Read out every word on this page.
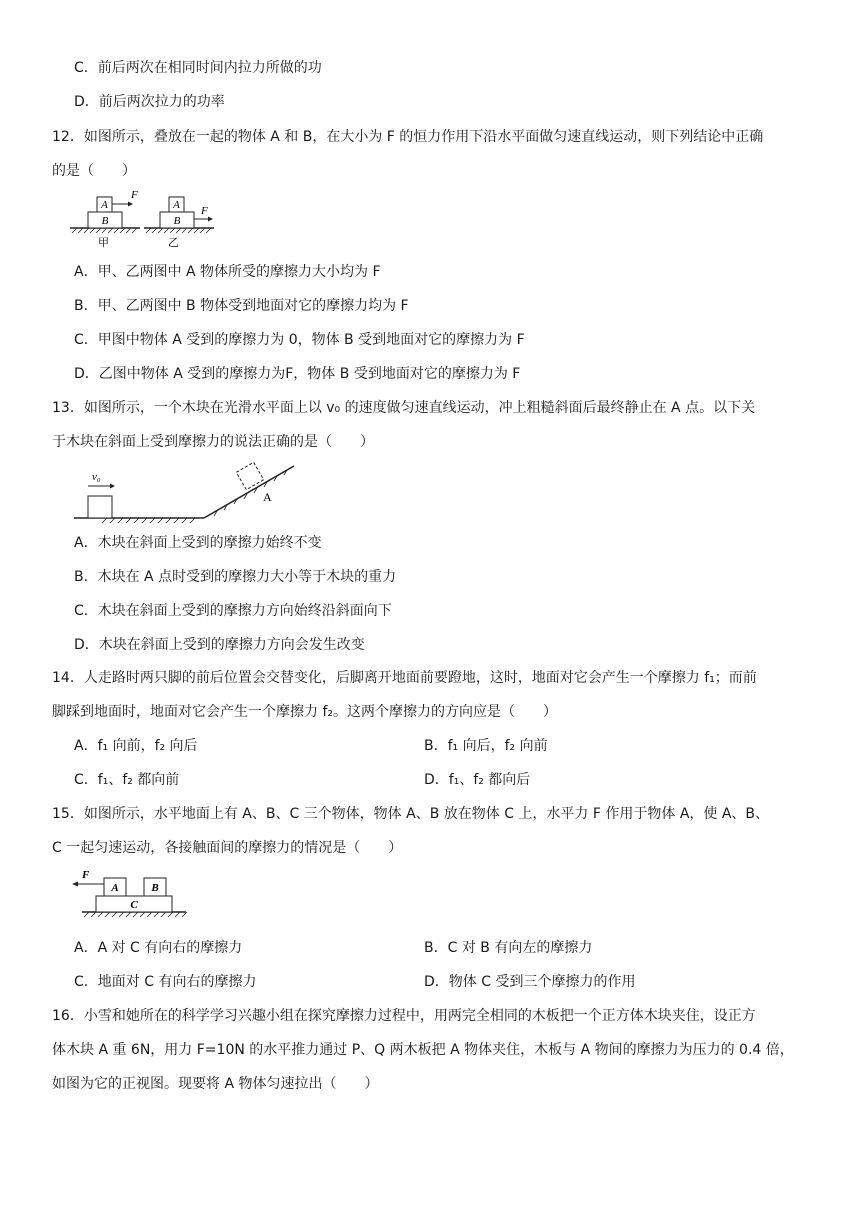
C．前后两次在相同时间内拉力所做的功
D．前后两次拉力的功率
12．如图所示，叠放在一起的物体 A 和 B，在大小为 F 的恒力作用下沿水平面做匀速直线运动，则下列结论中正确
的是（　　）
A
B
F
甲
A
B
F
乙
A．甲、乙两图中 A 物体所受的摩擦力大小均为 F
B．甲、乙两图中 B 物体受到地面对它的摩擦力均为 F
C．甲图中物体 A 受到的摩擦力为 0，物体 B 受到地面对它的摩擦力为 F
D．乙图中物体 A 受到的摩擦力为F，物体 B 受到地面对它的摩擦力为 F
13．如图所示，一个木块在光滑水平面上以 v₀ 的速度做匀速直线运动，冲上粗糙斜面后最终静止在 A 点。以下关
于木块在斜面上受到摩擦力的说法正确的是（　　）
v₀
A
A．木块在斜面上受到的摩擦力始终不变
B．木块在 A 点时受到的摩擦力大小等于木块的重力
C．木块在斜面上受到的摩擦力方向始终沿斜面向下
D．木块在斜面上受到的摩擦力方向会发生改变
14．人走路时两只脚的前后位置会交替变化，后脚离开地面前要蹬地，这时，地面对它会产生一个摩擦力 f₁；而前
脚踩到地面时，地面对它会产生一个摩擦力 f₂。这两个摩擦力的方向应是（　　）
A．f₁ 向前，f₂ 向后	B．f₁ 向后，f₂ 向前
C．f₁、f₂ 都向前	D．f₁、f₂ 都向后
15．如图所示，水平地面上有 A、B、C 三个物体，物体 A、B 放在物体 C 上，水平力 F 作用于物体 A，使 A、B、
C 一起匀速运动，各接触面间的摩擦力的情况是（　　）
A	B
C
F
A．A 对 C 有向右的摩擦力	B．C 对 B 有向左的摩擦力
C．地面对 C 有向右的摩擦力	D．物体 C 受到三个摩擦力的作用
16．小雪和她所在的科学学习兴趣小组在探究摩擦力过程中，用两完全相同的木板把一个正方体木块夹住，设正方
体木块 A 重 6N，用力 F=10N 的水平推力通过 P、Q 两木板把 A 物体夹住，木板与 A 物间的摩擦力为压力的 0.4 倍，
如图为它的正视图。现要将 A 物体匀速拉出（　　）
